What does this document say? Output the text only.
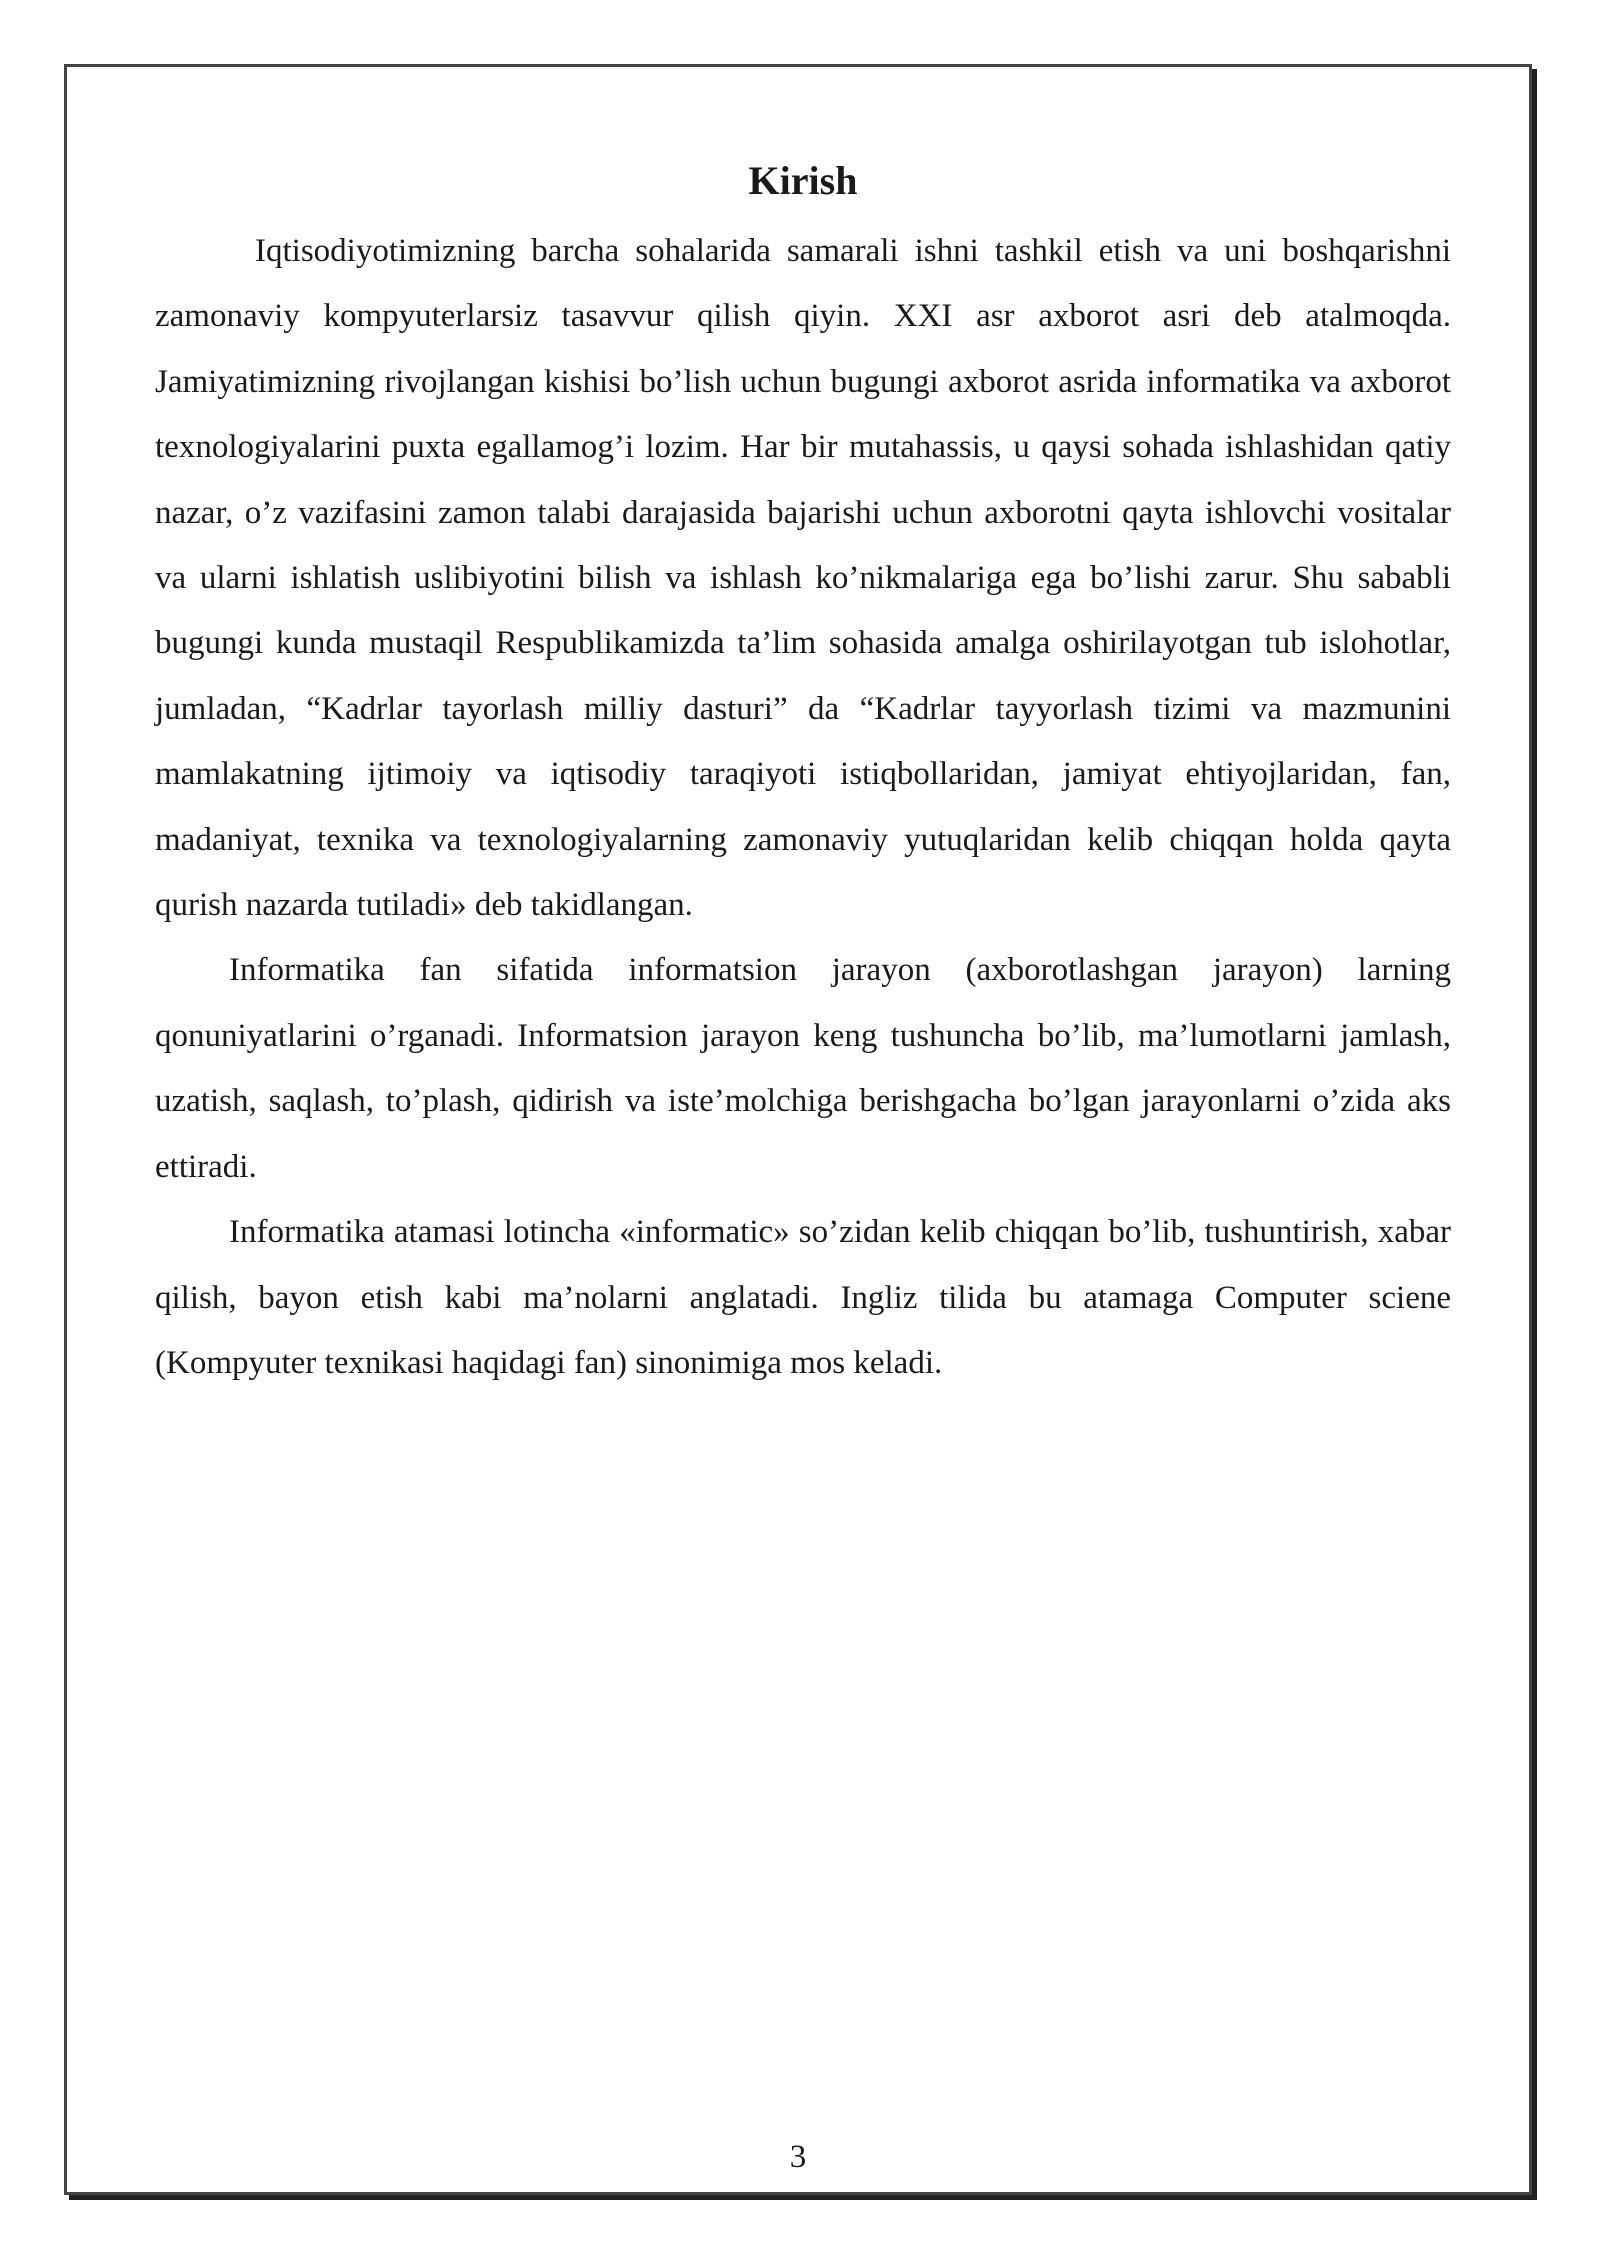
Kirish

Iqtisodiyotimizning barcha sohalarida samarali ishni tashkil etish va uni boshqarishni zamonaviy kompyuterlarsiz tasavvur qilish qiyin. XXI asr axborot asri deb atalmoqda. Jamiyatimizning rivojlangan kishisi bo’lish uchun bugungi axborot asrida informatika va axborot texnologiyalarini puxta egallamog’i lozim. Har bir mutahassis, u qaysi sohada ishlashidan qatiy nazar, o’z vazifasini zamon talabi darajasida bajarishi uchun axborotni qayta ishlovchi vositalar va ularni ishlatish uslibiyotini bilish va ishlash ko’nikmalariga ega bo’lishi zarur. Shu sababli bugungi kunda mustaqil Respublikamizda ta’lim sohasida amalga oshirilayotgan tub islohotlar, jumladan, “Kadrlar tayorlash milliy dasturi” da “Kadrlar tayyorlash tizimi va mazmunini mamlakatning ijtimoiy va iqtisodiy taraqiyoti istiqbollaridan, jamiyat ehtiyojlaridan, fan, madaniyat, texnika va texnologiyalarning zamonaviy yutuqlaridan kelib chiqqan holda qayta qurish nazarda tutiladi» deb takidlangan.

Informatika fan sifatida informatsion jarayon (axborotlashgan jarayon) larning qonuniyatlarini o’rganadi. Informatsion jarayon keng tushuncha bo’lib, ma’lumotlarni jamlash, uzatish, saqlash, to’plash, qidirish va iste’molchiga berishgacha bo’lgan jarayonlarni o’zida aks ettiradi.

Informatika atamasi lotincha «informatic» so’zidan kelib chiqqan bo’lib, tushuntirish, xabar qilish, bayon etish kabi ma’nolarni anglatadi. Ingliz tilida bu atamaga Computer sciene (Kompyuter texnikasi haqidagi fan) sinonimiga mos keladi.

3
